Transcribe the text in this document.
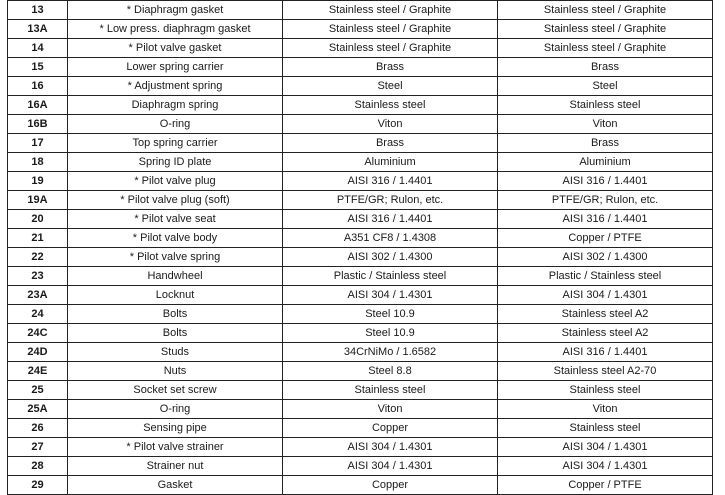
13	* Diaphragm gasket	Stainless steel / Graphite	Stainless steel / Graphite
13A	* Low press. diaphragm gasket	Stainless steel / Graphite	Stainless steel / Graphite
14	* Pilot valve gasket	Stainless steel / Graphite	Stainless steel / Graphite
15	Lower spring carrier	Brass	Brass
16	* Adjustment spring	Steel	Steel
16A	Diaphragm spring	Stainless steel	Stainless steel
16B	O-ring	Viton	Viton
17	Top spring carrier	Brass	Brass
18	Spring ID plate	Aluminium	Aluminium
19	* Pilot valve plug	AISI 316 / 1.4401	AISI 316 / 1.4401
19A	* Pilot valve plug (soft)	PTFE/GR; Rulon, etc.	PTFE/GR; Rulon, etc.
20	* Pilot valve seat	AISI 316 / 1.4401	AISI 316 / 1.4401
21	* Pilot valve body	A351 CF8 / 1.4308	Copper / PTFE
22	* Pilot valve spring	AISI 302 / 1.4300	AISI 302 / 1.4300
23	Handwheel	Plastic / Stainless steel	Plastic / Stainless steel
23A	Locknut	AISI 304 / 1.4301	AISI 304 / 1.4301
24	Bolts	Steel 10.9	Stainless steel A2
24C	Bolts	Steel 10.9	Stainless steel A2
24D	Studs	34CrNiMo / 1.6582	AISI 316 / 1.4401
24E	Nuts	Steel 8.8	Stainless steel A2-70
25	Socket set screw	Stainless steel	Stainless steel
25A	O-ring	Viton	Viton
26	Sensing pipe	Copper	Stainless steel
27	* Pilot valve strainer	AISI 304 / 1.4301	AISI 304 / 1.4301
28	Strainer nut	AISI 304 / 1.4301	AISI 304 / 1.4301
29	Gasket	Copper	Copper / PTFE
